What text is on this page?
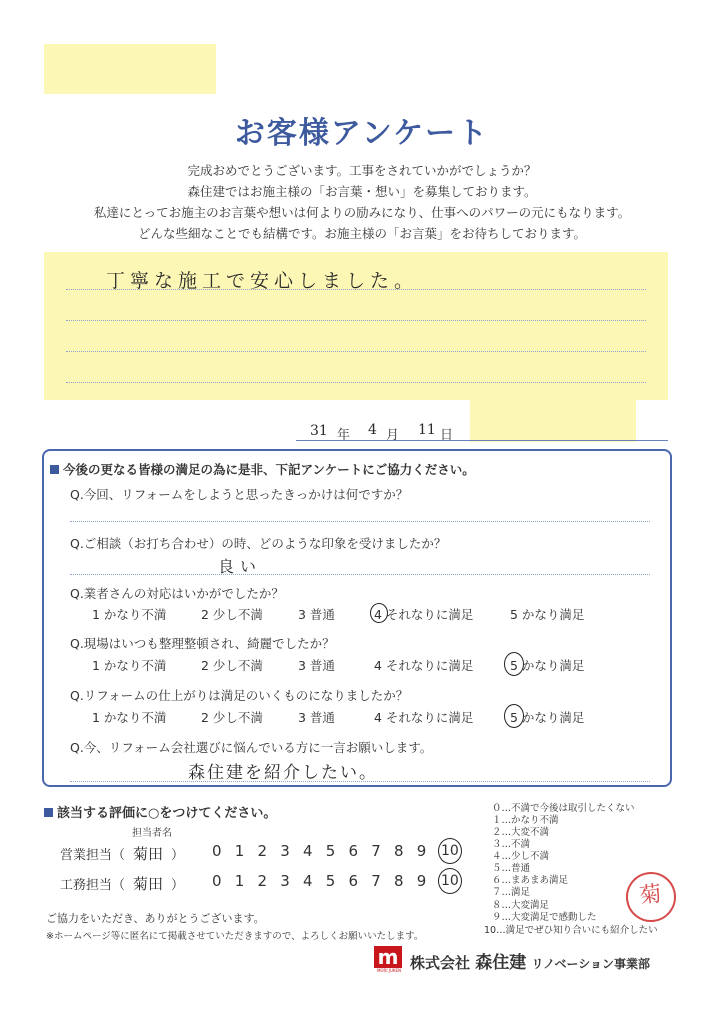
お客様アンケート
完成おめでとうございます。工事をされていかがでしょうか？
森住建ではお施主様の「お言葉・想い」を募集しております。
私達にとってお施主のお言葉や想いは何よりの励みになり、仕事へのパワーの元にもなります。
どんな些細なことでも結構です。お施主様の「お言葉」をお待ちしております。
丁寧な施工で安心しました。
31 年 4 月 11 日
今後の更なる皆様の満足の為に是非、下記アンケートにご協力ください。
Q.今回、リフォームをしようと思ったきっかけは何ですか？
Q.ご相談（お打ち合わせ）の時、どのような印象を受けましたか？
良い
Q.業者さんの対応はいかがでしたか？
1 かなり不満	2 少し不満	3 普通	4 それなりに満足	5 かなり満足
Q.現場はいつも整理整頓され、綺麗でしたか？
1 かなり不満	2 少し不満	3 普通	4 それなりに満足	5 かなり満足
Q.リフォームの仕上がりは満足のいくものになりましたか？
1 かなり不満	2 少し不満	3 普通	4 それなりに満足	5 かなり満足
Q.今、リフォーム会社選びに悩んでいる方に一言お願いします。
森住建を紹介したい。
該当する評価に○をつけてください。
担当者名
営業担当（ 菊田 ） 0123456789 10
工務担当（ 菊田 ） 0123456789 10
０…不満で今後は取引したくない
１…かなり不満
２…大変不満
３…不満
４…少し不満
５…普通
６…まあまあ満足
７…満足
８…大変満足
９…大変満足で感動した
10…満足でぜひ知り合いにも紹介したい
菊
ご協力をいただき、ありがとうございます。
※ホームページ等に匿名にて掲載させていただきますので、よろしくお願いいたします。
m
MORI JUKEN 株式会社 森住建 リノベーション事業部
